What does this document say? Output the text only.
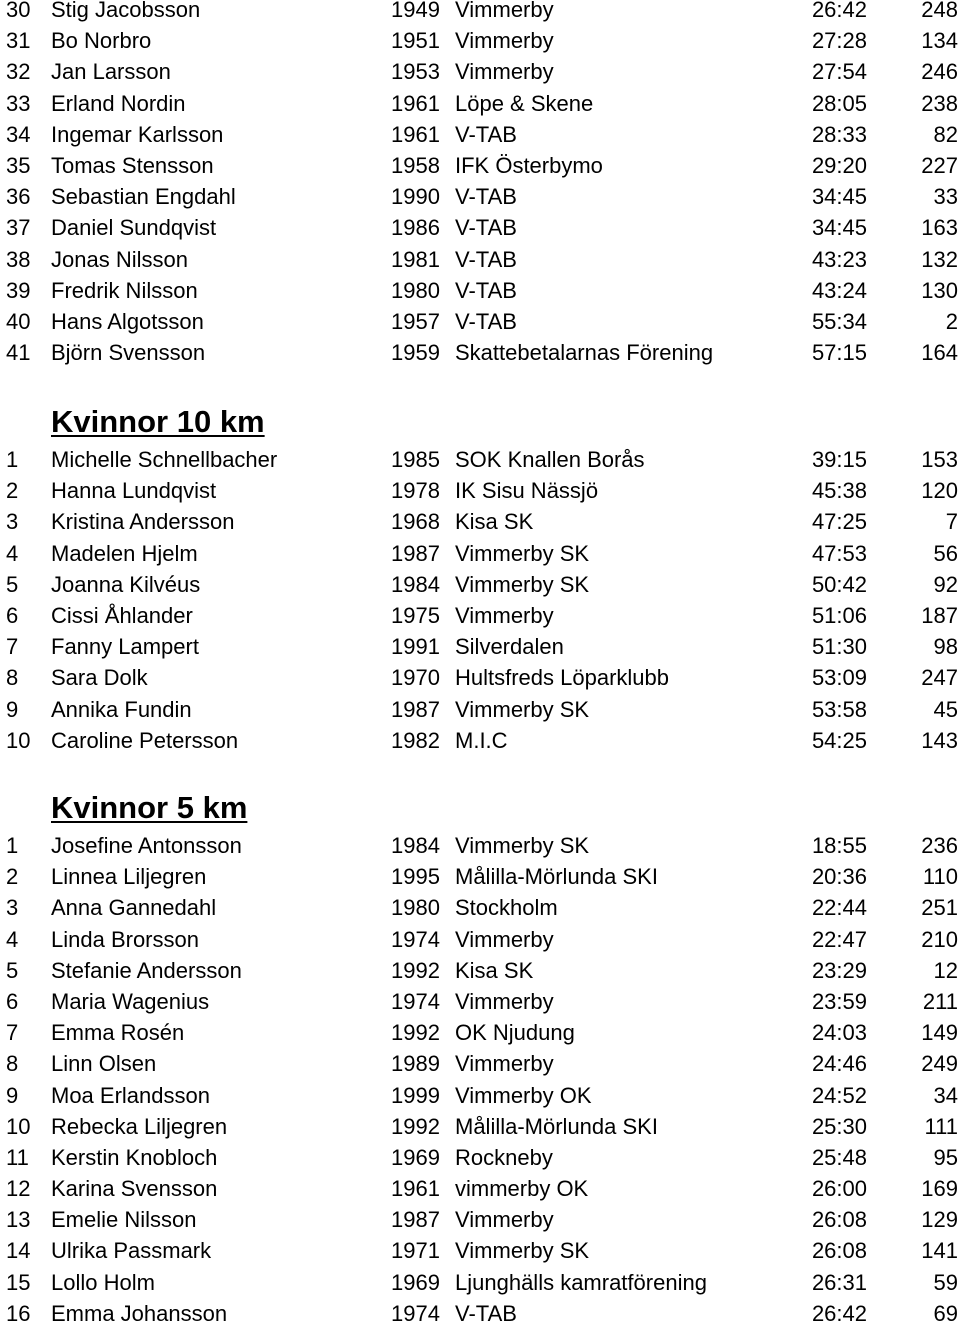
30 Stig Jacobsson	1949 Vimmerby	26:42	248
31 Bo Norbro	1951 Vimmerby	27:28	134
32 Jan Larsson	1953 Vimmerby	27:54	246
33 Erland Nordin	1961 Löpe & Skene	28:05	238
34 Ingemar Karlsson	1961 V-TAB	28:33	82
35 Tomas Stensson	1958 IFK Österbymo	29:20	227
36 Sebastian Engdahl	1990 V-TAB	34:45	33
37 Daniel Sundqvist	1986 V-TAB	34:45	163
38 Jonas Nilsson	1981 V-TAB	43:23	132
39 Fredrik Nilsson	1980 V-TAB	43:24	130
40 Hans Algotsson	1957 V-TAB	55:34	2
41 Björn Svensson	1959 Skattebetalarnas Förening	57:15	164
Kvinnor 10 km
1	Michelle Schnellbacher	1985 SOK Knallen Borås	39:15	153
2	Hanna Lundqvist	1978 IK Sisu Nässjö	45:38	120
3	Kristina Andersson	1968 Kisa SK	47:25	7
4	Madelen Hjelm	1987 Vimmerby SK	47:53	56
5	Joanna Kilvéus	1984 Vimmerby SK	50:42	92
6	Cissi Åhlander	1975 Vimmerby	51:06	187
7	Fanny Lampert	1991 Silverdalen	51:30	98
8	Sara Dolk	1970 Hultsfreds Löparklubb	53:09	247
9	Annika Fundin	1987 Vimmerby SK	53:58	45
10 Caroline Petersson	1982 M.I.C	54:25	143
Kvinnor 5 km
1	Josefine Antonsson	1984 Vimmerby SK	18:55	236
2	Linnea Liljegren	1995 Målilla-Mörlunda SKI	20:36	110
3	Anna Gannedahl	1980 Stockholm	22:44	251
4	Linda Brorsson	1974 Vimmerby	22:47	210
5	Stefanie Andersson	1992 Kisa SK	23:29	12
6	Maria Wagenius	1974 Vimmerby	23:59	211
7	Emma Rosén	1992 OK Njudung	24:03	149
8	Linn Olsen	1989 Vimmerby	24:46	249
9	Moa Erlandsson	1999 Vimmerby OK	24:52	34
10 Rebecka Liljegren	1992 Målilla-Mörlunda SKI	25:30	111
11	Kerstin Knobloch	1969 Rockneby	25:48	95
12 Karina Svensson	1961 vimmerby OK	26:00	169
13 Emelie Nilsson	1987 Vimmerby	26:08	129
14 Ulrika Passmark	1971 Vimmerby SK	26:08	141
15 Lollo Holm	1969 Ljunghälls kamratförening	26:31	59
16 Emma Johansson	1974 V-TAB	26:42	69
